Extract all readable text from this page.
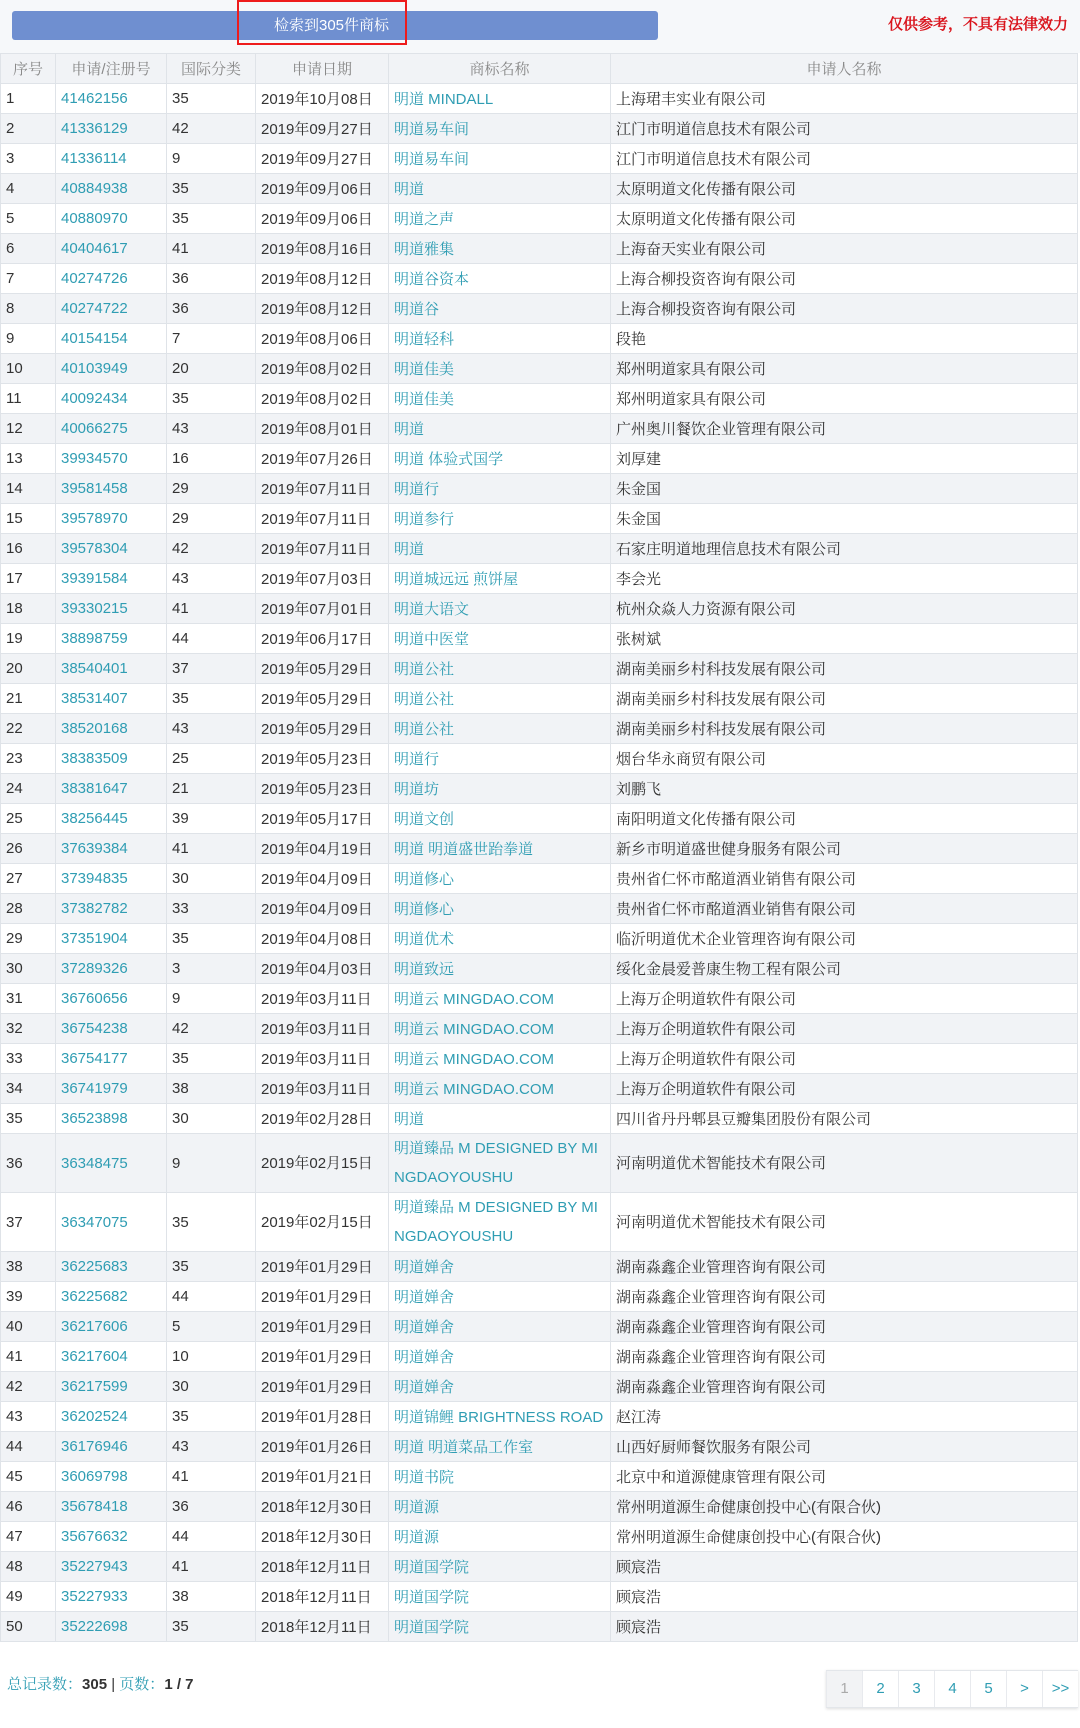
检索到305件商标	仅供参考，不具有法律效力
序号	申请/注册号	国际分类	申请日期	商标名称	申请人名称
1	41462156	35	2019年10月08日	明道 MINDALL	上海珺丰实业有限公司
2	41336129	42	2019年09月27日	明道易车间	江门市明道信息技术有限公司
3	41336114	9	2019年09月27日	明道易车间	江门市明道信息技术有限公司
4	40884938	35	2019年09月06日	明道	太原明道文化传播有限公司
5	40880970	35	2019年09月06日	明道之声	太原明道文化传播有限公司
6	40404617	41	2019年08月16日	明道雅集	上海奋天实业有限公司
7	40274726	36	2019年08月12日	明道谷资本	上海合柳投资咨询有限公司
8	40274722	36	2019年08月12日	明道谷	上海合柳投资咨询有限公司
9	40154154	7	2019年08月06日	明道轻科	段艳
10	40103949	20	2019年08月02日	明道佳美	郑州明道家具有限公司
11	40092434	35	2019年08月02日	明道佳美	郑州明道家具有限公司
12	40066275	43	2019年08月01日	明道	广州奥川餐饮企业管理有限公司
13	39934570	16	2019年07月26日	明道 体验式国学	刘厚建
14	39581458	29	2019年07月11日	明道行	朱金国
15	39578970	29	2019年07月11日	明道参行	朱金国
16	39578304	42	2019年07月11日	明道	石家庄明道地理信息技术有限公司
17	39391584	43	2019年07月03日	明道城远远 煎饼屋	李会光
18	39330215	41	2019年07月01日	明道大语文	杭州众焱人力资源有限公司
19	38898759	44	2019年06月17日	明道中医堂	张树斌
20	38540401	37	2019年05月29日	明道公社	湖南美丽乡村科技发展有限公司
21	38531407	35	2019年05月29日	明道公社	湖南美丽乡村科技发展有限公司
22	38520168	43	2019年05月29日	明道公社	湖南美丽乡村科技发展有限公司
23	38383509	25	2019年05月23日	明道行	烟台华永商贸有限公司
24	38381647	21	2019年05月23日	明道坊	刘鹏飞
25	38256445	39	2019年05月17日	明道文创	南阳明道文化传播有限公司
26	37639384	41	2019年04月19日	明道 明道盛世跆拳道	新乡市明道盛世健身服务有限公司
27	37394835	30	2019年04月09日	明道修心	贵州省仁怀市酩道酒业销售有限公司
28	37382782	33	2019年04月09日	明道修心	贵州省仁怀市酩道酒业销售有限公司
29	37351904	35	2019年04月08日	明道优术	临沂明道优术企业管理咨询有限公司
30	37289326	3	2019年04月03日	明道致远	绥化金晨爱普康生物工程有限公司
31	36760656	9	2019年03月11日	明道云 MINGDAO.COM	上海万企明道软件有限公司
32	36754238	42	2019年03月11日	明道云 MINGDAO.COM	上海万企明道软件有限公司
33	36754177	35	2019年03月11日	明道云 MINGDAO.COM	上海万企明道软件有限公司
34	36741979	38	2019年03月11日	明道云 MINGDAO.COM	上海万企明道软件有限公司
35	36523898	30	2019年02月28日	明道	四川省丹丹郫县豆瓣集团股份有限公司
36	36348475	9	2019年02月15日	明道臻品 M DESIGNED BY MINGDAOYOUSHU	河南明道优术智能技术有限公司
37	36347075	35	2019年02月15日	明道臻品 M DESIGNED BY MINGDAOYOUSHU	河南明道优术智能技术有限公司
38	36225683	35	2019年01月29日	明道婵舍	湖南淼鑫企业管理咨询有限公司
39	36225682	44	2019年01月29日	明道婵舍	湖南淼鑫企业管理咨询有限公司
40	36217606	5	2019年01月29日	明道婵舍	湖南淼鑫企业管理咨询有限公司
41	36217604	10	2019年01月29日	明道婵舍	湖南淼鑫企业管理咨询有限公司
42	36217599	30	2019年01月29日	明道婵舍	湖南淼鑫企业管理咨询有限公司
43	36202524	35	2019年01月28日	明道锦鲤 BRIGHTNESS ROAD	赵江涛
44	36176946	43	2019年01月26日	明道 明道菜品工作室	山西好厨师餐饮服务有限公司
45	36069798	41	2019年01月21日	明道书院	北京中和道源健康管理有限公司
46	35678418	36	2018年12月30日	明道源	常州明道源生命健康创投中心(有限合伙)
47	35676632	44	2018年12月30日	明道源	常州明道源生命健康创投中心(有限合伙)
48	35227943	41	2018年12月11日	明道国学院	顾宸浩
49	35227933	38	2018年12月11日	明道国学院	顾宸浩
50	35222698	35	2018年12月11日	明道国学院	顾宸浩
总记录数：305 | 页数：1 / 7	1	2	3	4	5	>	>>
